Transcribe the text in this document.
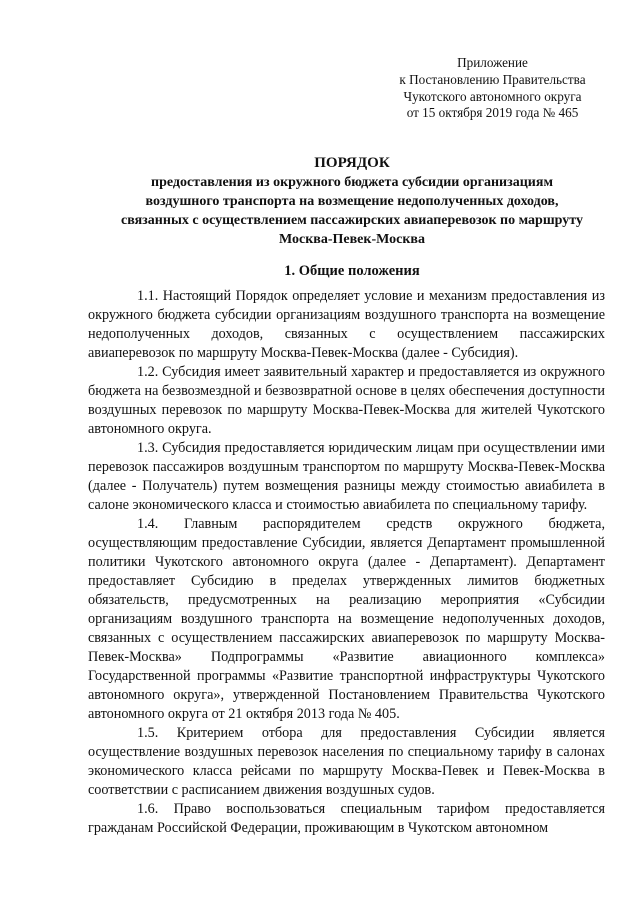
Приложение
к Постановлению Правительства
Чукотского автономного округа
от 15 октября 2019 года № 465
ПОРЯДОК
предоставления из окружного бюджета субсидии организациям
воздушного транспорта на возмещение недополученных доходов,
связанных с осуществлением пассажирских авиаперевозок по маршруту
Москва-Певек-Москва
1. Общие положения

1.1. Настоящий Порядок определяет условие и механизм предоставления из окружного бюджета субсидии организациям воздушного транспорта на возмещение недополученных доходов, связанных с осуществлением пассажирских авиаперевозок по маршруту Москва-Певек-Москва (далее - Субсидия).

1.2. Субсидия имеет заявительный характер и предоставляется из окружного бюджета на безвозмездной и безвозвратной основе в целях обеспечения доступности воздушных перевозок по маршруту Москва-Певек-Москва для жителей Чукотского автономного округа.

1.3. Субсидия предоставляется юридическим лицам при осуществлении ими перевозок пассажиров воздушным транспортом по маршруту Москва-Певек-Москва (далее - Получатель) путем возмещения разницы между стоимостью авиабилета в салоне экономического класса и стоимостью авиабилета по специальному тарифу.

1.4. Главным распорядителем средств окружного бюджета, осуществляющим предоставление Субсидии, является Департамент промышленной политики Чукотского автономного округа (далее - Департамент). Департамент предоставляет Субсидию в пределах утвержденных лимитов бюджетных обязательств, предусмотренных на реализацию мероприятия «Субсидии организациям воздушного транспорта на возмещение недополученных доходов, связанных с осуществлением пассажирских авиаперевозок по маршруту Москва-Певек-Москва» Подпрограммы «Развитие авиационного комплекса» Государственной программы «Развитие транспортной инфраструктуры Чукотского автономного округа», утвержденной Постановлением Правительства Чукотского автономного округа от 21 октября 2013 года № 405.

1.5. Критерием отбора для предоставления Субсидии является осуществление воздушных перевозок населения по специальному тарифу в салонах экономического класса рейсами по маршруту Москва-Певек и Певек-Москва в соответствии с расписанием движения воздушных судов.

1.6. Право воспользоваться специальным тарифом предоставляется гражданам Российской Федерации, проживающим в Чукотском автономном
